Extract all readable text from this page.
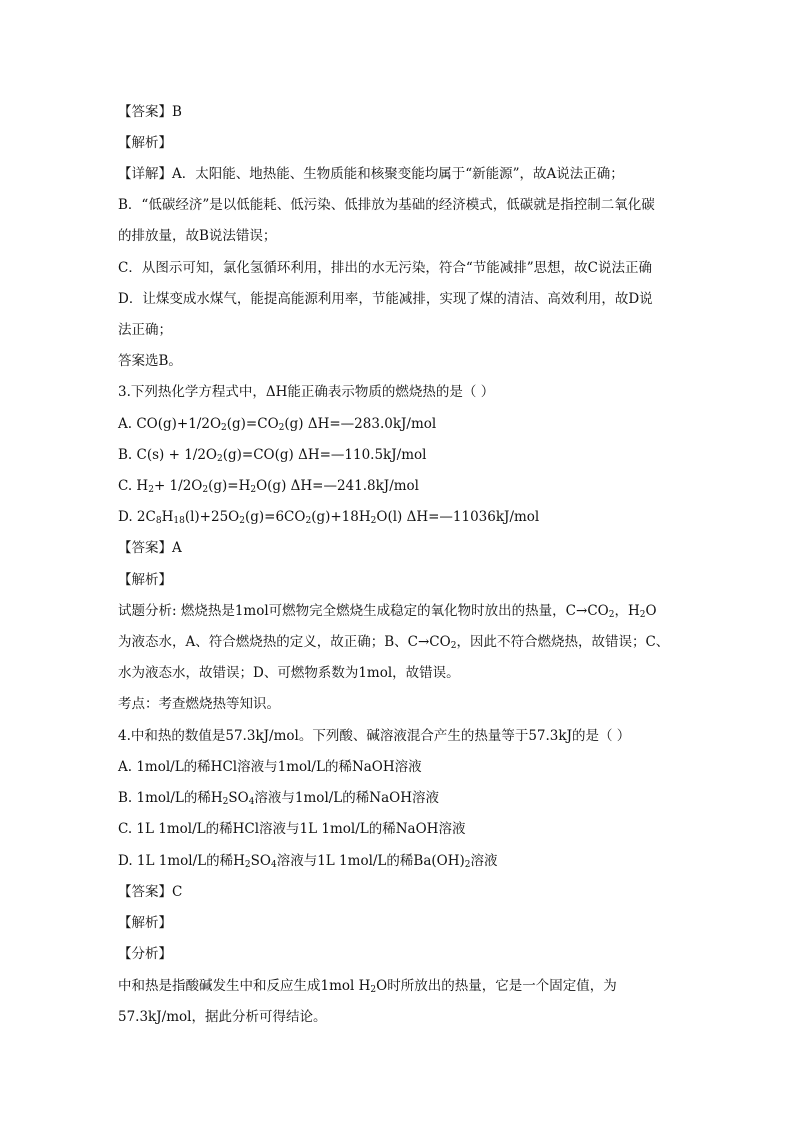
【答案】B
【解析】
【详解】A．太阳能、地热能、生物质能和核聚变能均属于“新能源”，故A说法正确；
B．“低碳经济”是以低能耗、低污染、低排放为基础的经济模式，低碳就是指控制二氧化碳
的排放量，故B说法错误；
C．从图示可知，氯化氢循环利用，排出的水无污染，符合“节能减排”思想，故C说法正确
D．让煤变成水煤气，能提高能源利用率，节能减排，实现了煤的清洁、高效利用，故D说
法正确；
答案选B。
3.下列热化学方程式中，ΔH能正确表示物质的燃烧热的是（ ）
A. $CO(g)+1/2O_2(g)=CO_2(g)$ ΔH=—283.0kJ/mol
B. $C(s) + 1/2O_2(g)=CO(g)$ ΔH=—110.5kJ/mol
C. $H_2+ 1/2O_2(g)=H_2O(g)$ ΔH=—241.8kJ/mol
D. $2C_8H_{18}(l)+25O_2(g)=6CO_2(g)+18H_2O(l)$ ΔH=—11036kJ/mol
【答案】A
【解析】
试题分析: 燃烧热是1mol可燃物完全燃烧生成稳定的氧化物时放出的热量，$C\to CO_2$，$H_2O$
为液态水，A、符合燃烧热的定义，故正确；B、$C\to CO_2$，因此不符合燃烧热，故错误；C、
水为液态水，故错误；D、可燃物系数为1mol，故错误。
考点：考查燃烧热等知识。
4.中和热的数值是57.3kJ/mol。下列酸、碱溶液混合产生的热量等于57.3kJ的是（ ）
A. 1mol/L的稀HCl溶液与1mol/L的稀NaOH溶液
B. 1mol/L的稀$H_2SO_4$溶液与1mol/L的稀NaOH溶液
C. 1L 1mol/L的稀HCl溶液与1L 1mol/L的稀NaOH溶液
D. 1L 1mol/L的稀$H_2SO_4$溶液与1L 1mol/L的稀$Ba(OH)_2$溶液
【答案】C
【解析】
【分析】
中和热是指酸碱发生中和反应生成1mol $H_2O$时所放出的热量，它是一个固定值，为
57.3kJ/mol，据此分析可得结论。
